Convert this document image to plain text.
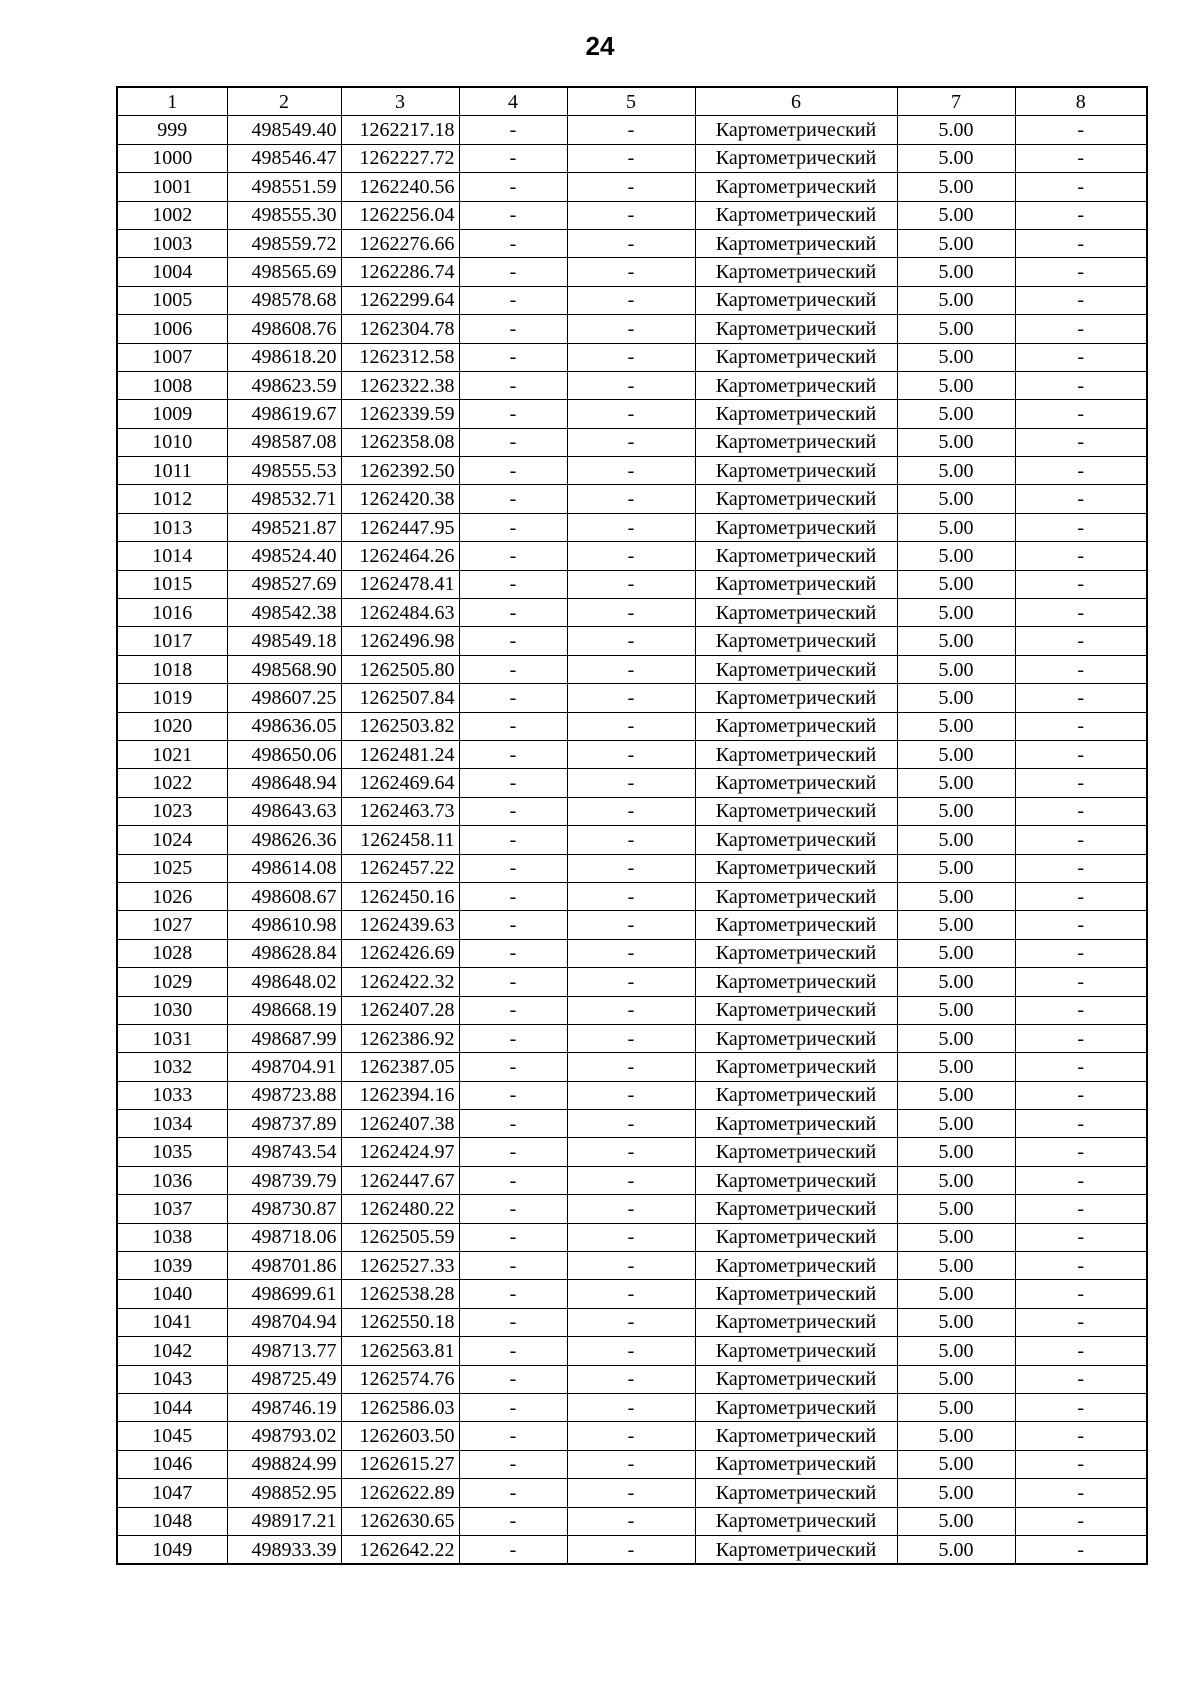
24
1	2	3	4	5	6	7	8
999	498549.40	1262217.18	-	-	Картометрический	5.00	-
1000	498546.47	1262227.72	-	-	Картометрический	5.00	-
1001	498551.59	1262240.56	-	-	Картометрический	5.00	-
1002	498555.30	1262256.04	-	-	Картометрический	5.00	-
1003	498559.72	1262276.66	-	-	Картометрический	5.00	-
1004	498565.69	1262286.74	-	-	Картометрический	5.00	-
1005	498578.68	1262299.64	-	-	Картометрический	5.00	-
1006	498608.76	1262304.78	-	-	Картометрический	5.00	-
1007	498618.20	1262312.58	-	-	Картометрический	5.00	-
1008	498623.59	1262322.38	-	-	Картометрический	5.00	-
1009	498619.67	1262339.59	-	-	Картометрический	5.00	-
1010	498587.08	1262358.08	-	-	Картометрический	5.00	-
1011	498555.53	1262392.50	-	-	Картометрический	5.00	-
1012	498532.71	1262420.38	-	-	Картометрический	5.00	-
1013	498521.87	1262447.95	-	-	Картометрический	5.00	-
1014	498524.40	1262464.26	-	-	Картометрический	5.00	-
1015	498527.69	1262478.41	-	-	Картометрический	5.00	-
1016	498542.38	1262484.63	-	-	Картометрический	5.00	-
1017	498549.18	1262496.98	-	-	Картометрический	5.00	-
1018	498568.90	1262505.80	-	-	Картометрический	5.00	-
1019	498607.25	1262507.84	-	-	Картометрический	5.00	-
1020	498636.05	1262503.82	-	-	Картометрический	5.00	-
1021	498650.06	1262481.24	-	-	Картометрический	5.00	-
1022	498648.94	1262469.64	-	-	Картометрический	5.00	-
1023	498643.63	1262463.73	-	-	Картометрический	5.00	-
1024	498626.36	1262458.11	-	-	Картометрический	5.00	-
1025	498614.08	1262457.22	-	-	Картометрический	5.00	-
1026	498608.67	1262450.16	-	-	Картометрический	5.00	-
1027	498610.98	1262439.63	-	-	Картометрический	5.00	-
1028	498628.84	1262426.69	-	-	Картометрический	5.00	-
1029	498648.02	1262422.32	-	-	Картометрический	5.00	-
1030	498668.19	1262407.28	-	-	Картометрический	5.00	-
1031	498687.99	1262386.92	-	-	Картометрический	5.00	-
1032	498704.91	1262387.05	-	-	Картометрический	5.00	-
1033	498723.88	1262394.16	-	-	Картометрический	5.00	-
1034	498737.89	1262407.38	-	-	Картометрический	5.00	-
1035	498743.54	1262424.97	-	-	Картометрический	5.00	-
1036	498739.79	1262447.67	-	-	Картометрический	5.00	-
1037	498730.87	1262480.22	-	-	Картометрический	5.00	-
1038	498718.06	1262505.59	-	-	Картометрический	5.00	-
1039	498701.86	1262527.33	-	-	Картометрический	5.00	-
1040	498699.61	1262538.28	-	-	Картометрический	5.00	-
1041	498704.94	1262550.18	-	-	Картометрический	5.00	-
1042	498713.77	1262563.81	-	-	Картометрический	5.00	-
1043	498725.49	1262574.76	-	-	Картометрический	5.00	-
1044	498746.19	1262586.03	-	-	Картометрический	5.00	-
1045	498793.02	1262603.50	-	-	Картометрический	5.00	-
1046	498824.99	1262615.27	-	-	Картометрический	5.00	-
1047	498852.95	1262622.89	-	-	Картометрический	5.00	-
1048	498917.21	1262630.65	-	-	Картометрический	5.00	-
1049	498933.39	1262642.22	-	-	Картометрический	5.00	-
